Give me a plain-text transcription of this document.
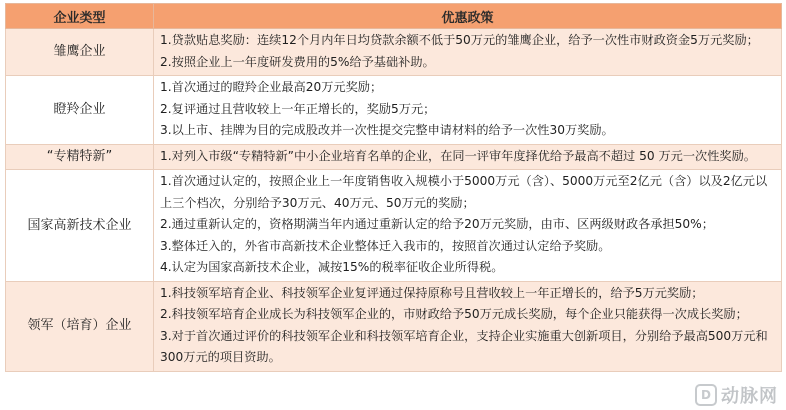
企业类型	优惠政策
雏鹰企业	1.贷款贴息奖励：连续12个月内年日均贷款余额不低于50万元的雏鹰企业，给予一次性市财政资金5万元奖励；
2.按照企业上一年度研发费用的5%给予基础补助。

瞪羚企业	1.首次通过的瞪羚企业最高20万元奖励；
2.复评通过且营收较上一年正增长的，奖励5万元；
3.以上市、挂牌为目的完成股改并一次性提交完整申请材料的给予一次性30万奖励。

“专精特新”	1.对列入市级“专精特新”中小企业培育名单的企业，在同一评审年度择优给予最高不超过 50 万元一次性奖励。

国家高新技术企业	1.首次通过认定的，按照企业上一年度销售收入规模小于5000万元（含）、5000万元至2亿元（含）以及2亿元以上三个档次，分别给予30万元、40万元、50万元的奖励；
2.通过重新认定的，资格期满当年内通过重新认定的给予20万元奖励，由市、区两级财政各承担50%；
3.整体迁入的，外省市高新技术企业整体迁入我市的，按照首次通过认定给予奖励。
4.认定为国家高新技术企业，减按15%的税率征收企业所得税。

领军（培育）企业	1.科技领军培育企业、科技领军企业复评通过保持原称号且营收较上一年正增长的，给予5万元奖励；
2.科技领军培育企业成长为科技领军企业的，市财政给予50万元成长奖励，每个企业只能获得一次成长奖励；
3.对于首次通过评价的科技领军企业和科技领军培育企业，支持企业实施重大创新项目，分别给予最高500万元和300万元的项目资助。
D 动脉网
